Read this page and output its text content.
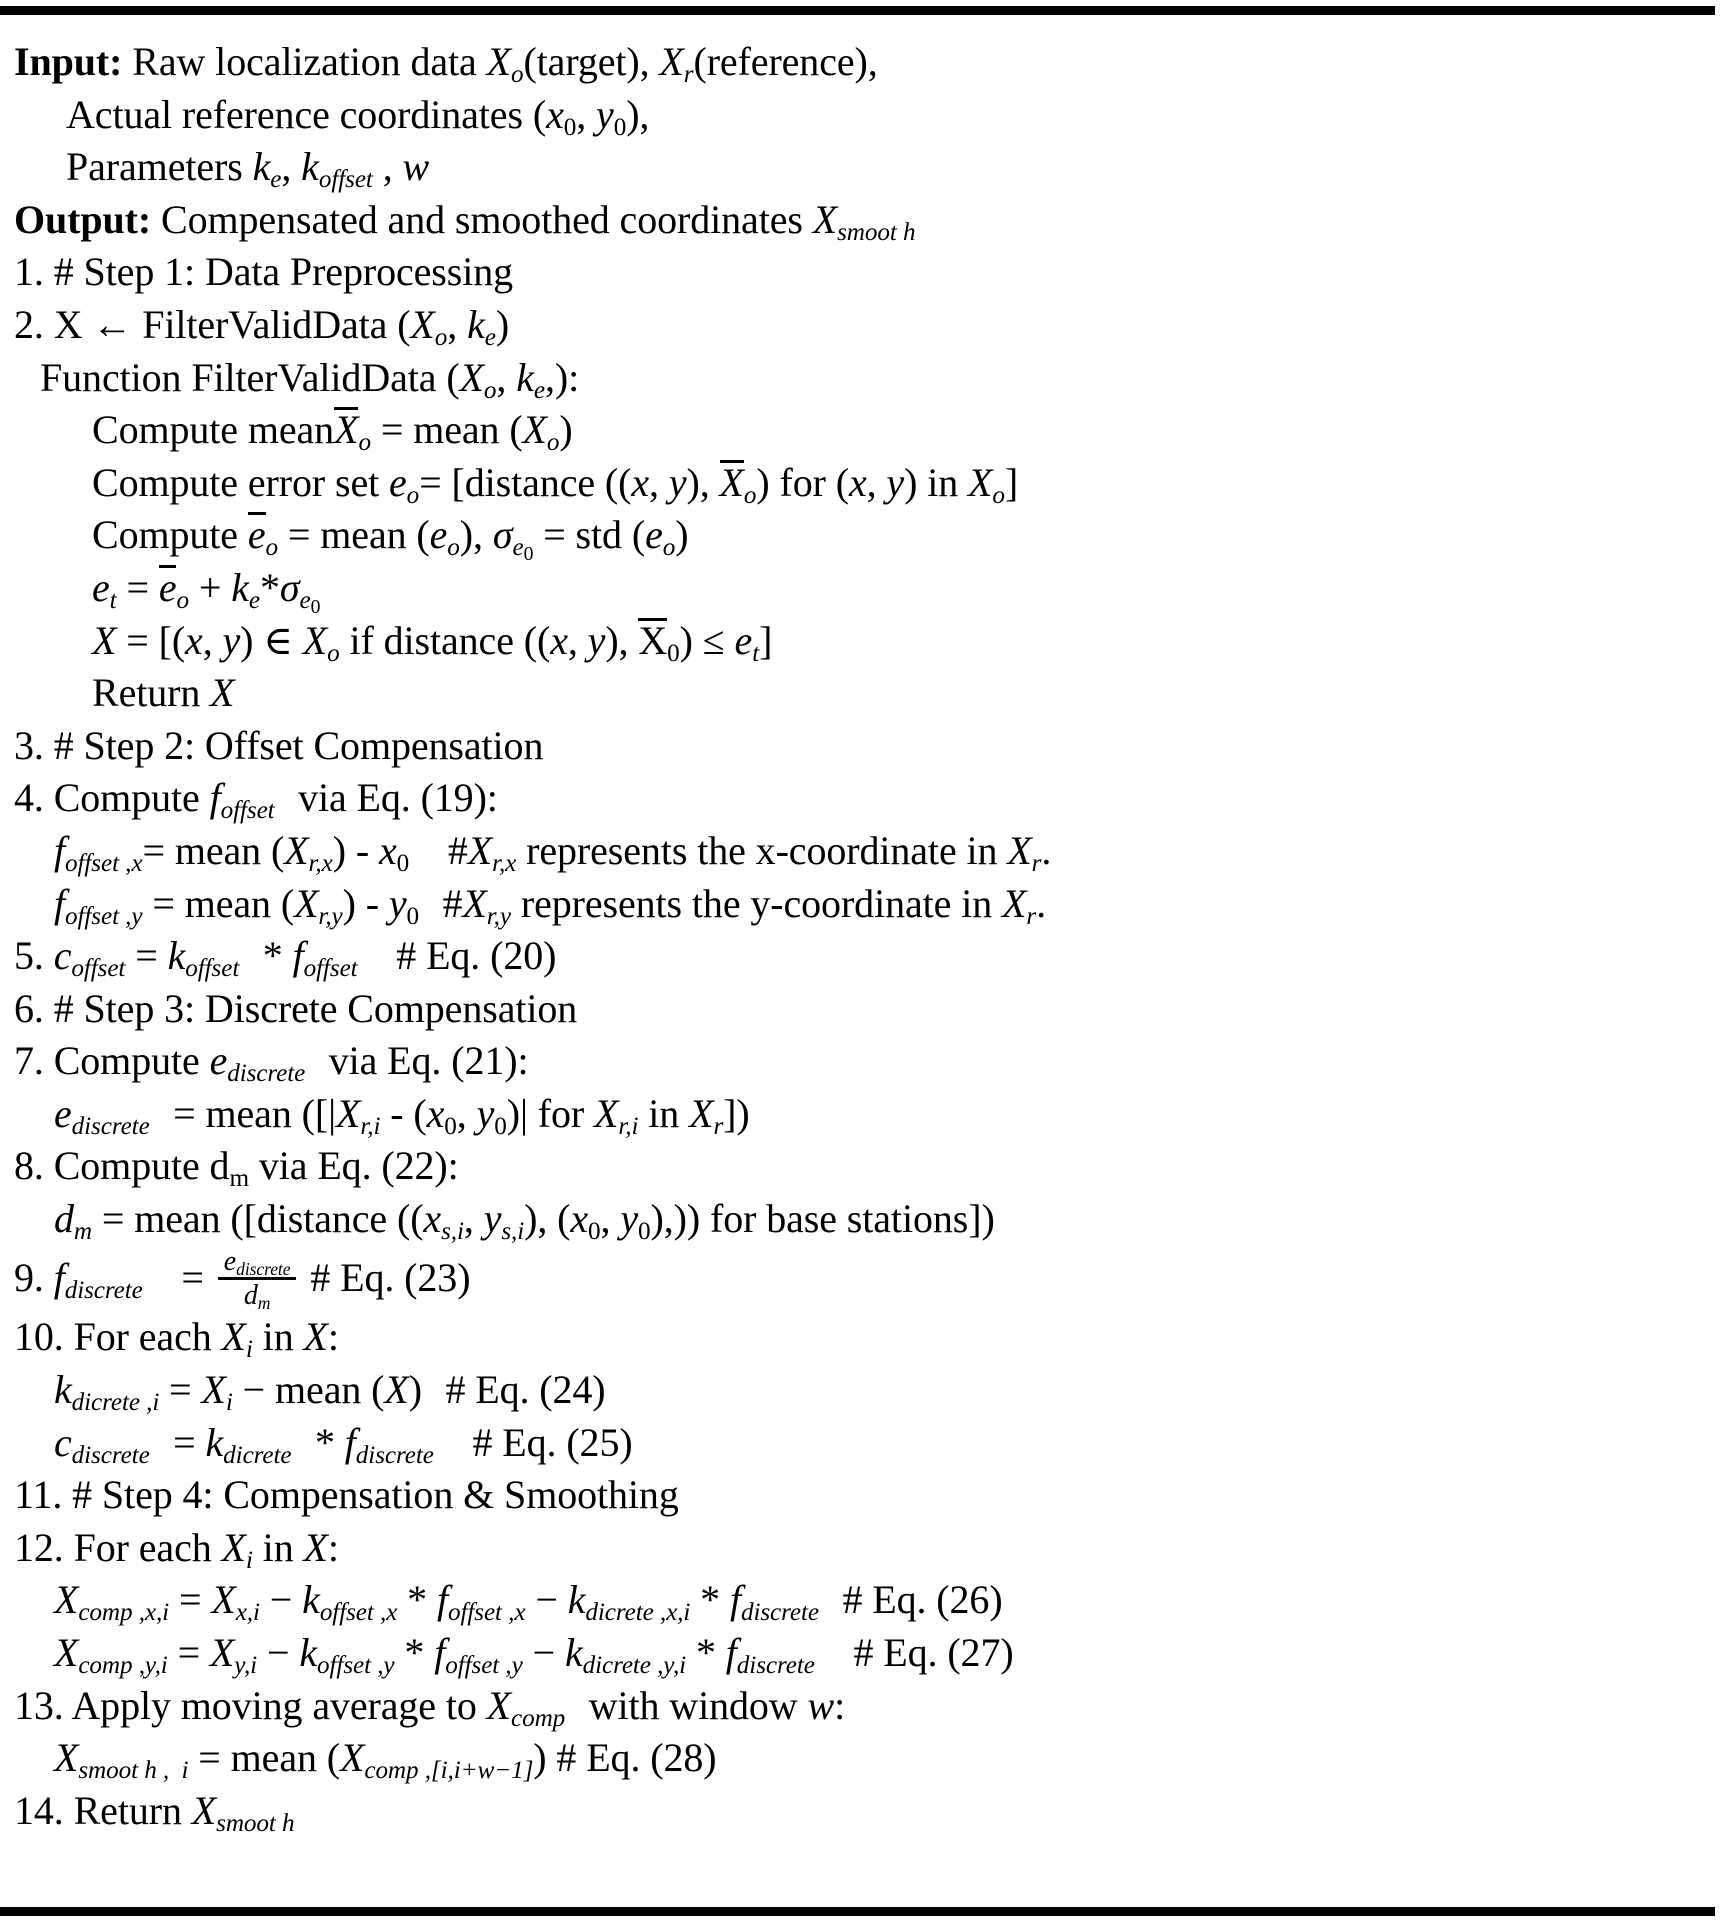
Input: Raw localization data $X_o(target)$, $X_r(reference)$,
Actual reference coordinates ($x_0$, $y_0$),
Parameters $k_e$, $k_{offset}$ , w
Output: Compensated and smoothed coordinates $X_{smoot h}$
1. # Step 1: Data Preprocessing
2. X ← FilterValidData ($X_o$, $k_e$)
Function FilterValidData ($X_o$, $k_e$,):
Compute meanX$_o$ = mean $(X_o)$
Compute error set $e_o=$ [distance ((x, y), $X_o$) for (x, y) in $X_o$]
Compute $e_o$ = mean $(e_o)$, $\sigma_{e_0}$ = std $(e_o)$
$e_t = e_o + k_e*\sigma_{e_0}$
X = [(x, y) ∈ $X_o$ if distance ((x, y), $X_0) \le e_t$]
Return X
3. # Step 2: Offset Compensation
4. Compute $f_{offset}$ via Eq. (19):
$f_{offset ,x}=$ mean $(X_{r,x}) - x_0$ $\#X_{r,x}$ represents the x-coordinate in $X_r$.
$f_{offset ,y}$ = mean $(X_{r,y}) - y_0$ $\#X_{r,y}$ represents the y-coordinate in $X_r$.
5. $c_{offset} = k_{offset} * f_{offset}$ # Eq. (20)
6. # Step 3: Discrete Compensation
7. Compute $e_{discrete}$ via Eq. (21):
$e_{discrete}$ = mean ([$|X_{r,i} - (x_0$, $y_0)|$ for $X_{r,i}$ in $X_r$])
8. Compute $d_m$ via Eq. (22):
$d_m$ = mean ([distance (($x_{s,i}$, $y_{s,i}$), ($x_0$, $y_0$),)) for base stations])
9. $f_{discrete} = \frac{e_{discrete}}{d_m}$ # Eq. (23)
10. For each $X_i$ in X:
$k_{dicrete ,i} = X_i$ − mean (X) # Eq. (24)
$c_{discrete} = k_{dicrete} * f_{discrete}$ # Eq. (25)
11. # Step 4: Compensation & Smoothing
12. For each $X_i$ in X:
$X_{comp ,x,i} = X_{x,i} - k_{offset ,x} * f_{offset ,x} - k_{dicrete ,x,i} * f_{discrete}$ # Eq. (26)
$X_{comp ,y,i} = X_{y,i} - k_{offset ,y} * f_{offset ,y} - k_{dicrete ,y,i} * f_{discrete}$ # Eq. (27)
13. Apply moving average to $X_{comp}$ with window w:
$X_{smoot h , i}$ = mean $(X_{comp ,[i,i+w-1]})$ # Eq. (28)
14. Return $X_{smoot h}$
